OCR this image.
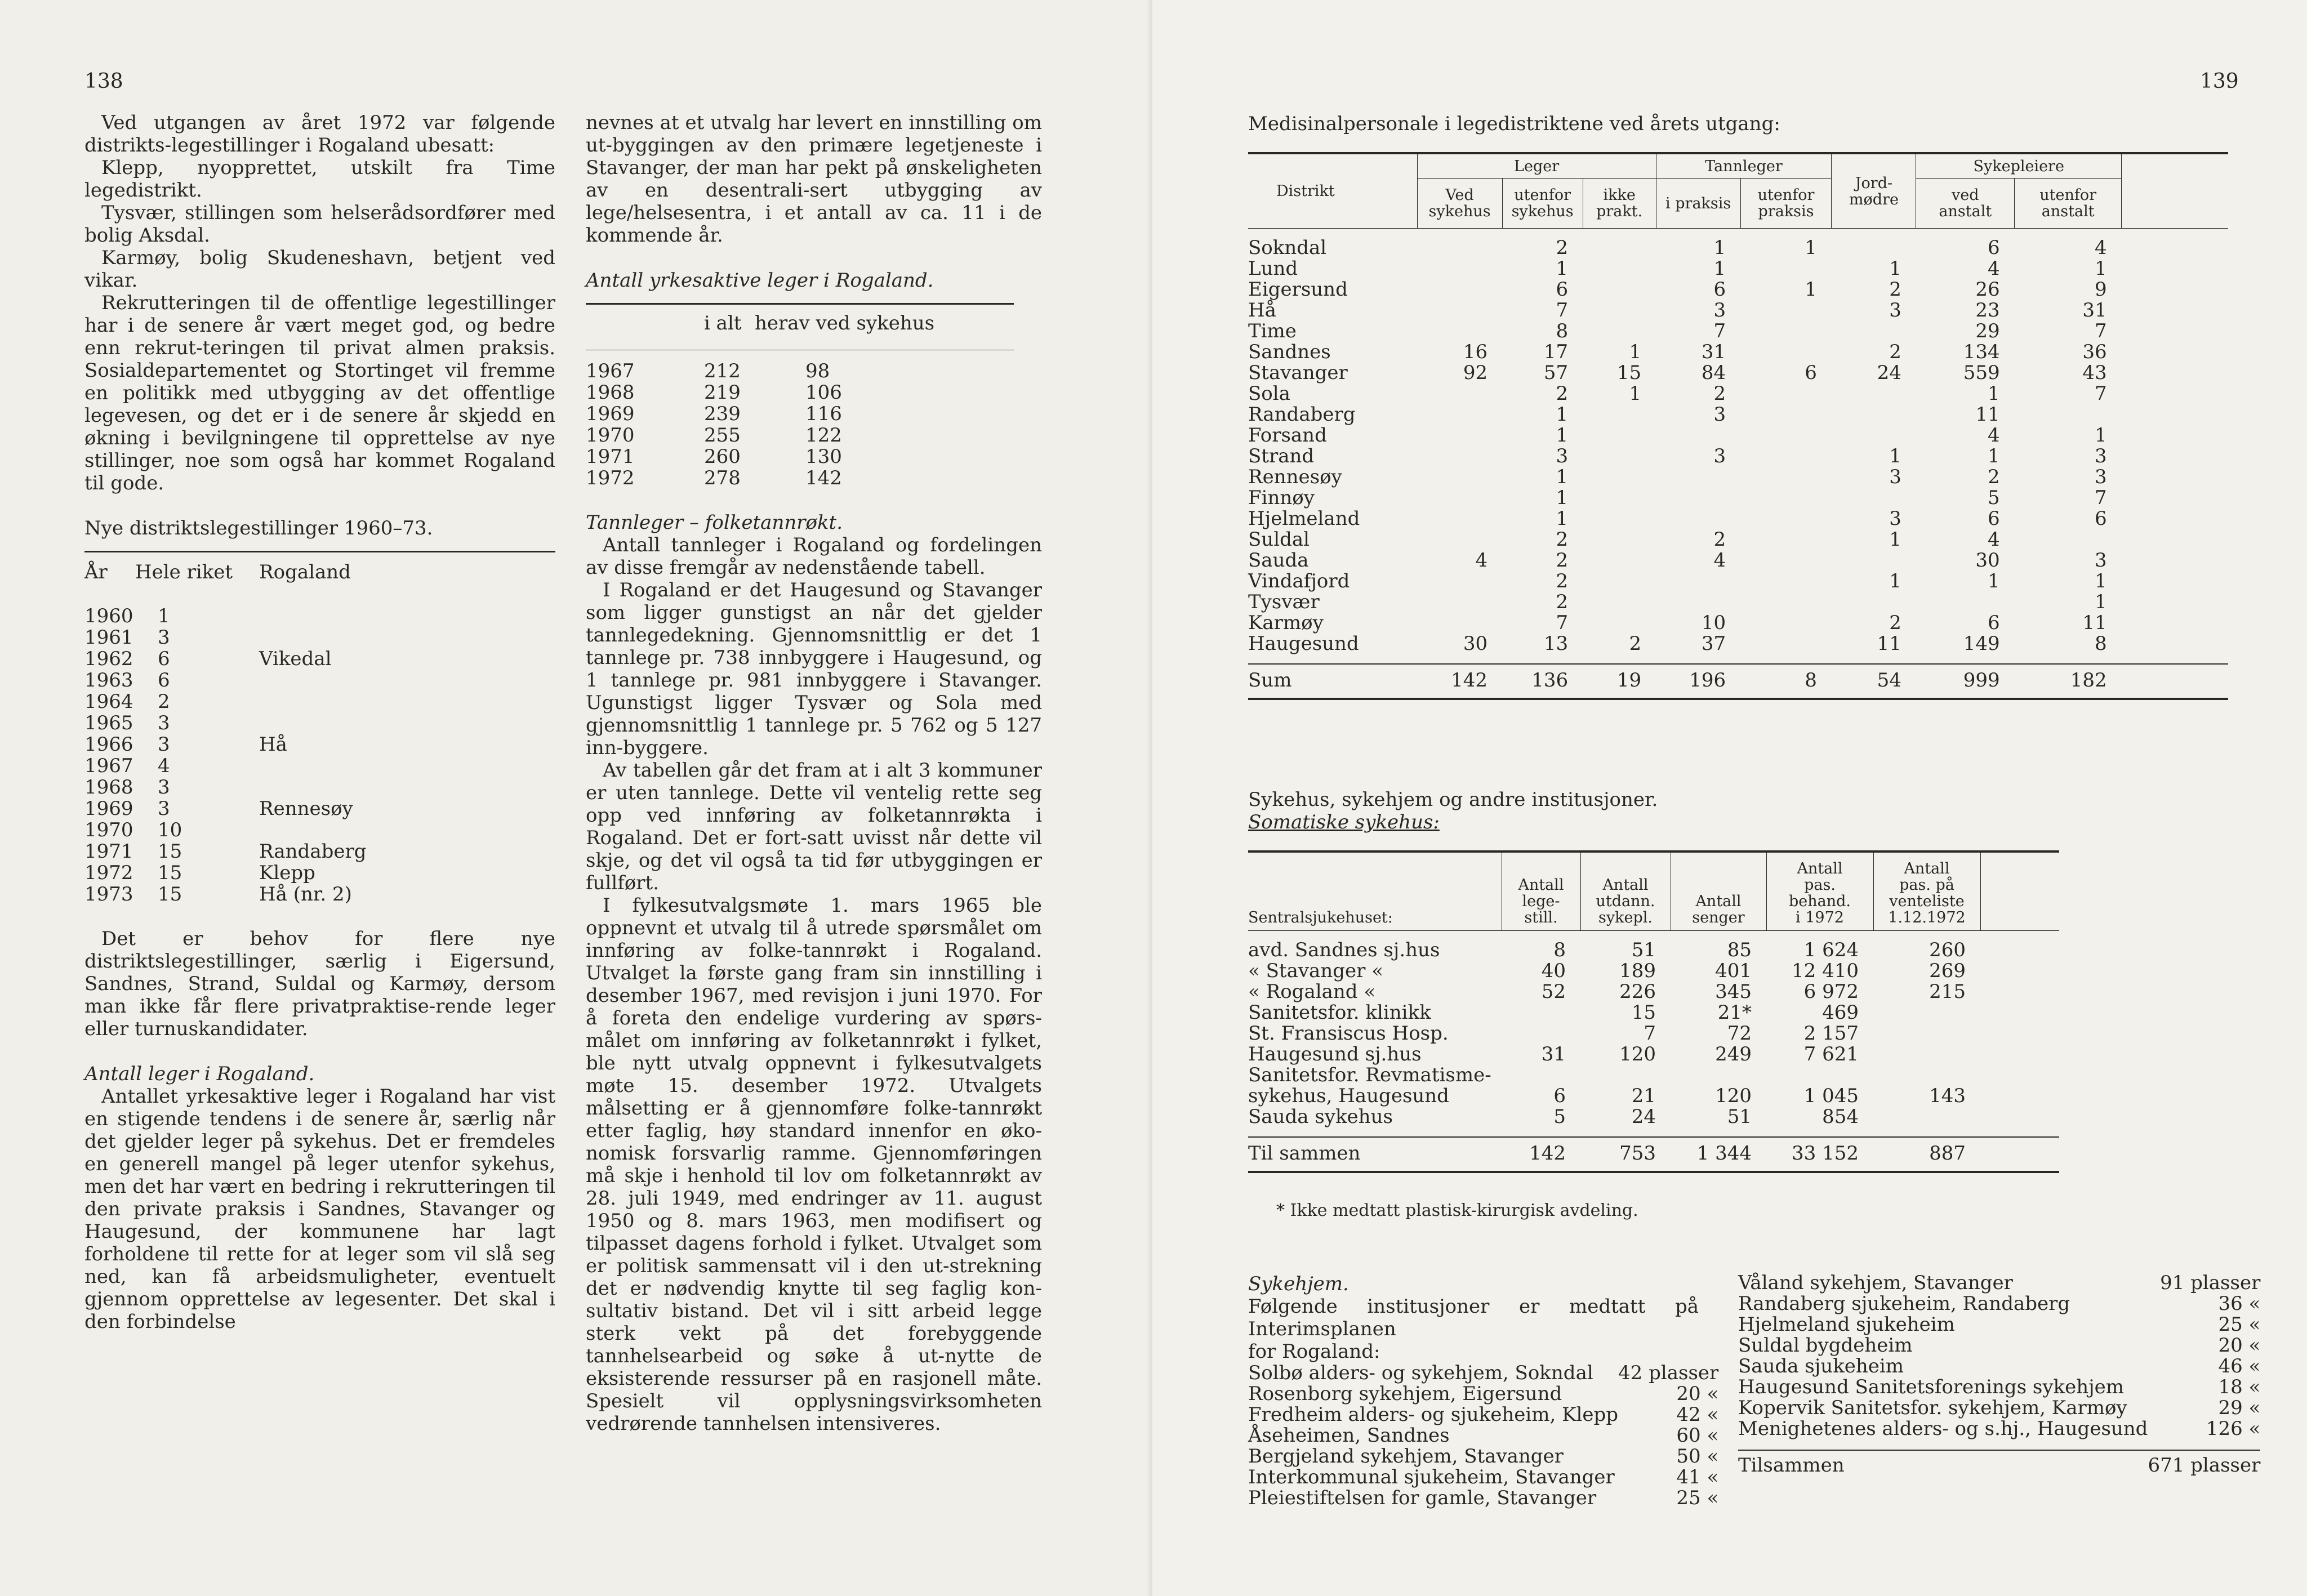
138

Ved utgangen av året 1972 var følgende distrikts-legestillinger i Rogaland ubesatt:

Klepp, nyopprettet, utskilt fra Time legedistrikt.

Tysvær, stillingen som helserådsordfører med bolig Aksdal.

Karmøy, bolig Skudeneshavn, betjent ved vikar.

Rekrutteringen til de offentlige legestillinger har i de senere år vært meget god, og bedre enn rekrut-teringen til privat almen praksis. Sosialdepartementet og Stortinget vil fremme en politikk med utbygging av det offentlige legevesen, og det er i de senere år skjedd en økning i bevilgningene til opprettelse av nye stillinger, noe som også har kommet Rogaland til gode.

Nye distriktslegestillinger 1960–73.

År	Hele riket	Rogaland
1960	1	
1961	3	
1962	6	Vikedal
1963	6	
1964	2	
1965	3	
1966	3	Hå
1967	4	
1968	3	
1969	3	Rennesøy
1970	10	
1971	15	Randaberg
1972	15	Klepp
1973	15	Hå (nr. 2)

Det er behov for flere nye distriktslegestillinger, særlig i Eigersund, Sandnes, Strand, Suldal og Karmøy, dersom man ikke får flere privatpraktise-rende leger eller turnuskandidater.

Antall leger i Rogaland.

Antallet yrkesaktive leger i Rogaland har vist en stigende tendens i de senere år, særlig når det gjelder leger på sykehus. Det er fremdeles en generell mangel på leger utenfor sykehus, men det har vært en bedring i rekrutteringen til den private praksis i Sandnes, Stavanger og Haugesund, der kommunene har lagt forholdene til rette for at leger som vil slå seg ned, kan få arbeidsmuligheter, eventuelt gjennom opprettelse av legesenter. Det skal i den forbindelse

nevnes at et utvalg har levert en innstilling om ut-byggingen av den primære legetjeneste i Stavanger, der man har pekt på ønskeligheten av en desentrali-sert utbygging av lege/helsesentra, i et antall av ca. 11 i de kommende år.

Antall yrkesaktive leger i Rogaland.

	i alt	herav ved sykehus
1967	212	98
1968	219	106
1969	239	116
1970	255	122
1971	260	130
1972	278	142

Tannleger – folketannrøkt.

Antall tannleger i Rogaland og fordelingen av disse fremgår av nedenstående tabell.

I Rogaland er det Haugesund og Stavanger som ligger gunstigst an når det gjelder tannlegedekning. Gjennomsnittlig er det 1 tannlege pr. 738 innbyggere i Haugesund, og 1 tannlege pr. 981 innbyggere i Stavanger. Ugunstigst ligger Tysvær og Sola med gjennomsnittlig 1 tannlege pr. 5 762 og 5 127 inn-byggere.

Av tabellen går det fram at i alt 3 kommuner er uten tannlege. Dette vil ventelig rette seg opp ved innføring av folketannrøkta i Rogaland. Det er fort-satt uvisst når dette vil skje, og det vil også ta tid før utbyggingen er fullført.

I fylkesutvalgsmøte 1. mars 1965 ble oppnevnt et utvalg til å utrede spørsmålet om innføring av folke-tannrøkt i Rogaland. Utvalget la første gang fram sin innstilling i desember 1967, med revisjon i juni 1970. For å foreta den endelige vurdering av spørs-målet om innføring av folketannrøkt i fylket, ble nytt utvalg oppnevnt i fylkesutvalgets møte 15. desember 1972. Utvalgets målsetting er å gjennomføre folke-tannrøkt etter faglig, høy standard innenfor en øko-nomisk forsvarlig ramme. Gjennomføringen må skje i henhold til lov om folketannrøkt av 28. juli 1949, med endringer av 11. august 1950 og 8. mars 1963, men modifisert og tilpasset dagens forhold i fylket. Utvalget som er politisk sammensatt vil i den ut-strekning det er nødvendig knytte til seg faglig kon-sultativ bistand. Det vil i sitt arbeid legge sterk vekt på det forebyggende tannhelsearbeid og søke å ut-nytte de eksisterende ressurser på en rasjonell måte. Spesielt vil opplysningsvirksomheten vedrørende tannhelsen intensiveres.

139

Medisinalpersonale i legedistriktene ved årets utgang:

Distrikt	Leger			Tannleger		Jord-mødre	Sykepleiere		
	Ved sykehus	utenfor sykehus	ikke prakt.	i praksis	utenfor praksis		ved anstalt	utenfor anstalt	

Sokndal		2		1	1		6	4	
Lund		1		1		1	4	1	
Eigersund		6		6	1	2	26	9	
Hå		7		3		3	23	31	
Time		8		7			29	7	
Sandnes	16	17	1	31		2	134	36	
Stavanger	92	57	15	84	6	24	559	43	
Sola		2	1	2			1	7	
Randaberg		1		3			11		
Forsand		1					4	1	
Strand		3		3		1	1	3	
Rennesøy		1				3	2	3	
Finnøy		1					5	7	
Hjelmeland		1				3	6	6	
Suldal		2		2		1	4		
Sauda	4	2		4			30	3	
Vindafjord		2				1	1	1	
Tysvær		2						1	
Karmøy		7		10		2	6	11	
Haugesund	30	13	2	37		11	149	8	

Sum	142	136	19	196	8	54	999	182	

Sykehus, sykehjem og andre institusjoner.

Somatiske sykehus:

Sentralsjukehuset:	Antall lege-still.	Antall utdann. sykepl.	Antall senger	Antall pas. behand. i 1972	Antall pas. på venteliste 1.12.1972	

avd. Sandnes sj.hus	8	51	85	1 624	260	
« Stavanger «	40	189	401	12 410	269	
« Rogaland «	52	226	345	6 972	215	
Sanitetsfor. klinikk		15	21*	469		
St. Fransiscus Hosp.		7	72	2 157		
Haugesund sj.hus	31	120	249	7 621		
Sanitetsfor. Revmatisme-						
sykehus, Haugesund	6	21	120	1 045	143	
Sauda sykehus	5	24	51	854		

Til sammen	142	753	1 344	33 152	887	

* Ikke medtatt plastisk-kirurgisk avdeling.

Sykehjem.

Følgende institusjoner er medtatt på Interimsplanen

for Rogaland:

Solbø alders- og sykehjem, Sokndal	42 plasser
Rosenborg sykehjem, Eigersund	20 «
Fredheim alders- og sjukeheim, Klepp	42 «
Åseheimen, Sandnes	60 «
Bergjeland sykehjem, Stavanger	50 «
Interkommunal sjukeheim, Stavanger	41 «
Pleiestiftelsen for gamle, Stavanger	25 «
Våland sykehjem, Stavanger	91 plasser
Randaberg sjukeheim, Randaberg	36 «
Hjelmeland sjukeheim	25 «
Suldal bygdeheim	20 «
Sauda sjukeheim	46 «
Haugesund Sanitetsforenings sykehjem	18 «
Kopervik Sanitetsfor. sykehjem, Karmøy	29 «
Menighetenes alders- og s.hj., Haugesund	126 «

Tilsammen	671 plasser
